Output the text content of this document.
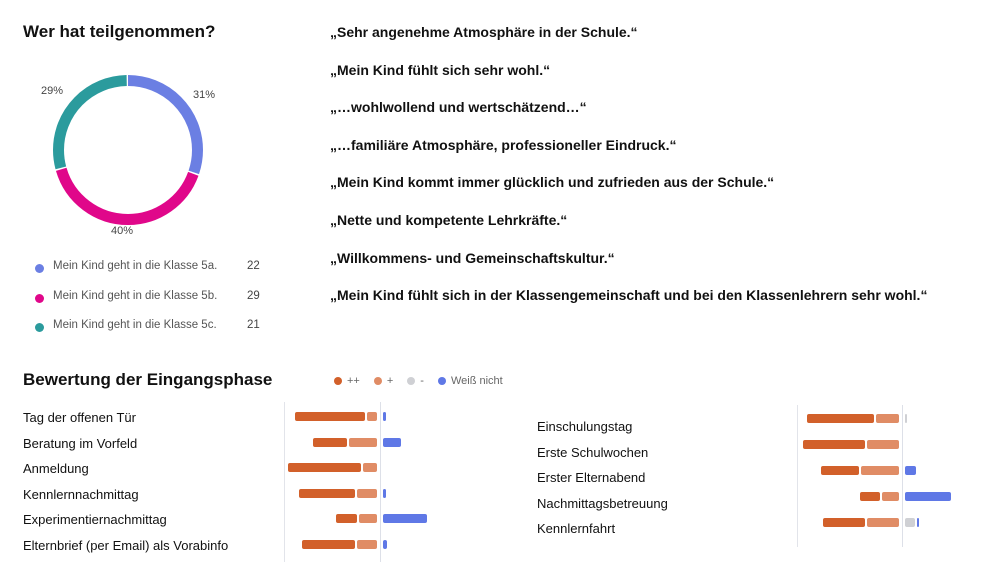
Wer hat teilgenommen?
31%
40%
29%
Mein Kind geht in die Klasse 5a.	22
Mein Kind geht in die Klasse 5b.	29
Mein Kind geht in die Klasse 5c.	21
„Sehr angenehme Atmosphäre in der Schule.“
„Mein Kind fühlt sich sehr wohl.“
„…wohlwollend und wertschätzend…“
„…familiäre Atmosphäre, professioneller Eindruck.“
„Mein Kind kommt immer glücklich und zufrieden aus der Schule.“
„Nette und kompetente Lehrkräfte.“
„Willkommens- und Gemeinschaftskultur.“
„Mein Kind fühlt sich in der Klassengemeinschaft und bei den Klassenlehrern sehr wohl.“
Bewertung der Eingangsphase	++ + - Weiß nicht
Tag der offenen Tür
Beratung im Vorfeld
Anmeldung
Kennlernnachmittag
Experimentiernachmittag
Elternbrief (per Email) als Vorabinfo
Einschulungstag
Erste Schulwochen
Erster Elternabend
Nachmittagsbetreuung
Kennlernfahrt
